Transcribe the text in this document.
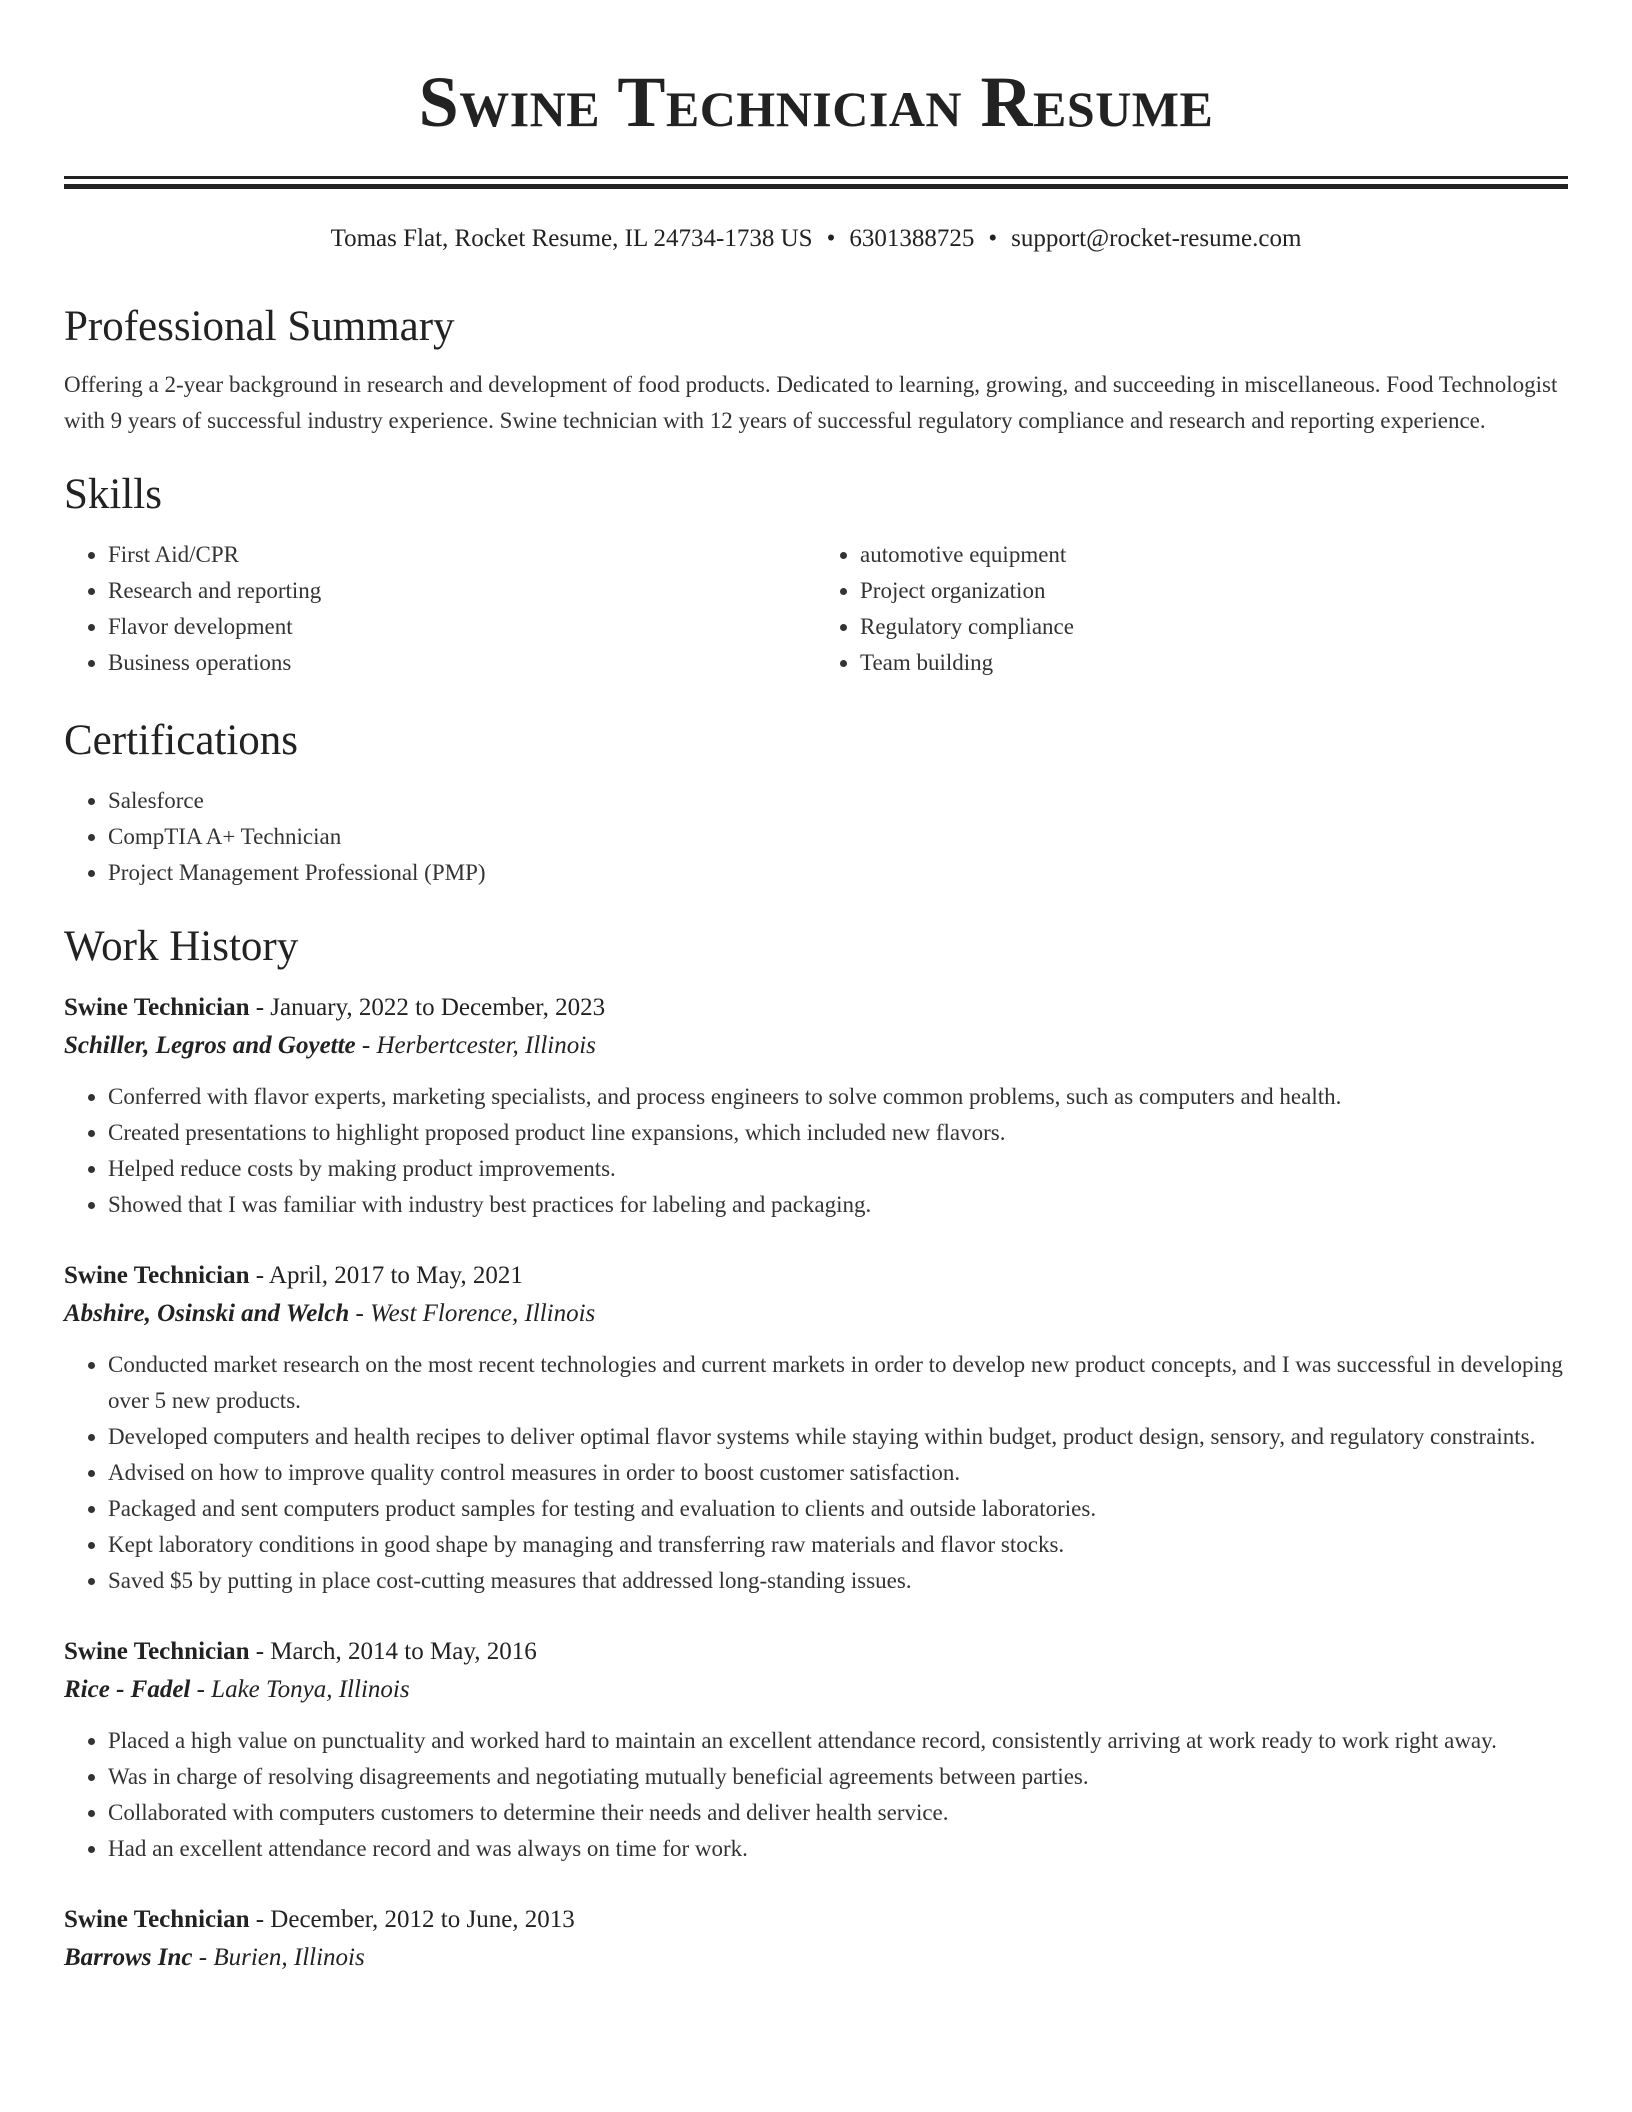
Swine Technician Resume
Tomas Flat, Rocket Resume, IL 24734-1738 US • 6301388725 • support@rocket-resume.com
Professional Summary
Offering a 2-year background in research and development of food products. Dedicated to learning, growing, and succeeding in miscellaneous. Food Technologist with 9 years of successful industry experience. Swine technician with 12 years of successful regulatory compliance and research and reporting experience.
Skills
• First Aid/CPR
• Research and reporting
• Flavor development
• Business operations
• automotive equipment
• Project organization
• Regulatory compliance
• Team building
Certifications
• Salesforce
• CompTIA A+ Technician
• Project Management Professional (PMP)
Work History
Swine Technician - January, 2022 to December, 2023
Schiller, Legros and Goyette - Herbertcester, Illinois
• Conferred with flavor experts, marketing specialists, and process engineers to solve common problems, such as computers and health.
• Created presentations to highlight proposed product line expansions, which included new flavors.
• Helped reduce costs by making product improvements.
• Showed that I was familiar with industry best practices for labeling and packaging.
Swine Technician - April, 2017 to May, 2021
Abshire, Osinski and Welch - West Florence, Illinois
• Conducted market research on the most recent technologies and current markets in order to develop new product concepts, and I was successful in developing over 5 new products.
• Developed computers and health recipes to deliver optimal flavor systems while staying within budget, product design, sensory, and regulatory constraints.
• Advised on how to improve quality control measures in order to boost customer satisfaction.
• Packaged and sent computers product samples for testing and evaluation to clients and outside laboratories.
• Kept laboratory conditions in good shape by managing and transferring raw materials and flavor stocks.
• Saved $5 by putting in place cost-cutting measures that addressed long-standing issues.
Swine Technician - March, 2014 to May, 2016
Rice - Fadel - Lake Tonya, Illinois
• Placed a high value on punctuality and worked hard to maintain an excellent attendance record, consistently arriving at work ready to work right away.
• Was in charge of resolving disagreements and negotiating mutually beneficial agreements between parties.
• Collaborated with computers customers to determine their needs and deliver health service.
• Had an excellent attendance record and was always on time for work.
Swine Technician - December, 2012 to June, 2013
Barrows Inc - Burien, Illinois
